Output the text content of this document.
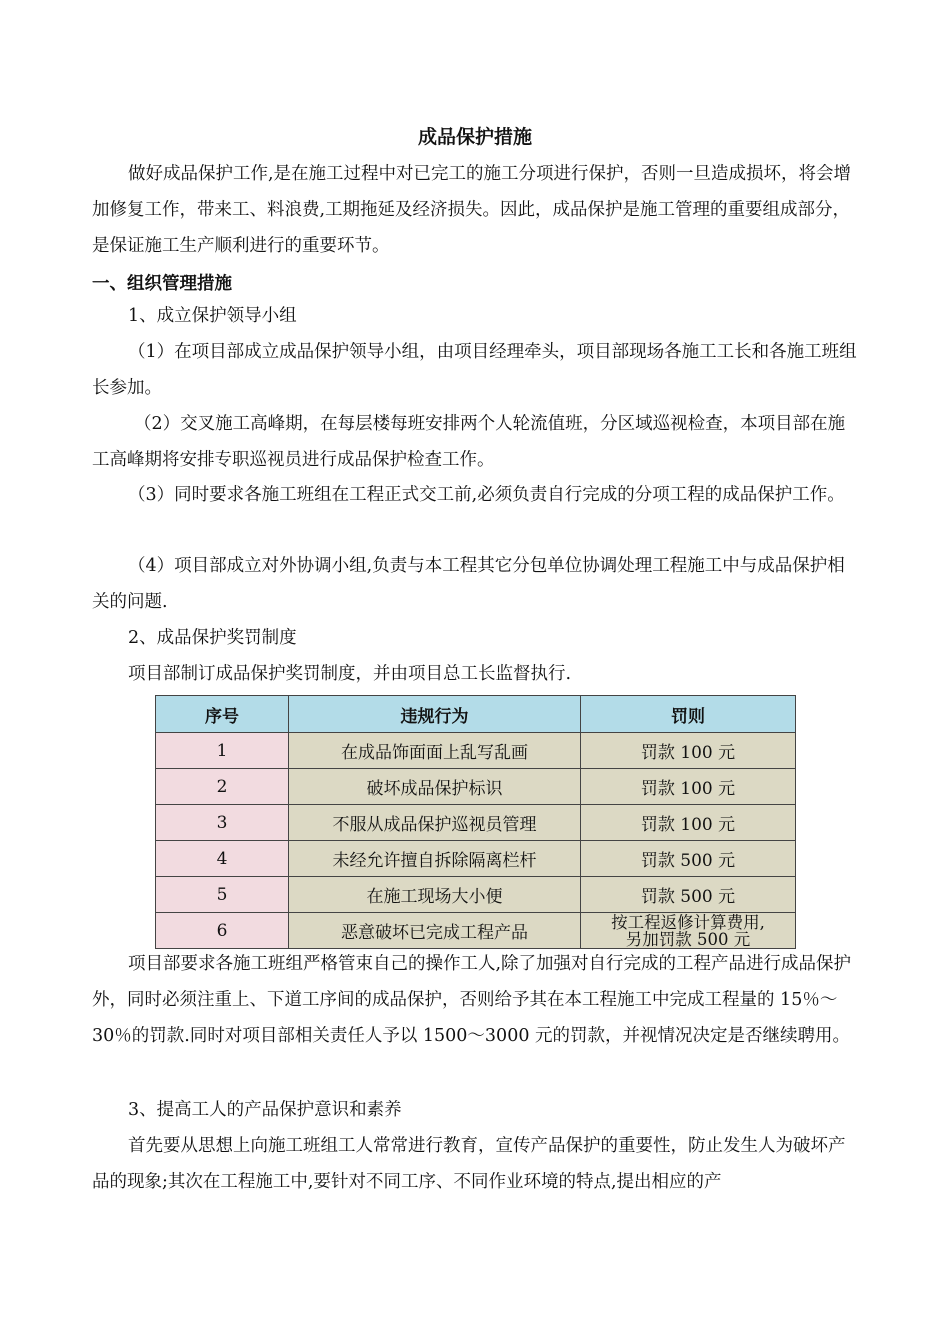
成品保护措施

做好成品保护工作,是在施工过程中对已完工的施工分项进行保护，否则一旦造成损坏，将会增加修复工作，带来工、料浪费,工期拖延及经济损失。因此，成品保护是施工管理的重要组成部分，是保证施工生产顺利进行的重要环节。

一、组织管理措施

1、成立保护领导小组

（1）在项目部成立成品保护领导小组，由项目经理牵头，项目部现场各施工工长和各施工班组长参加。

（2）交叉施工高峰期，在每层楼每班安排两个人轮流值班，分区域巡视检查，本项目部在施工高峰期将安排专职巡视员进行成品保护检查工作。

（3）同时要求各施工班组在工程正式交工前,必须负责自行完成的分项工程的成品保护工作。

（4）项目部成立对外协调小组,负责与本工程其它分包单位协调处理工程施工中与成品保护相关的问题.

2、成品保护奖罚制度

项目部制订成品保护奖罚制度，并由项目总工长监督执行.

序号	违规行为	罚则
1	在成品饰面面上乱写乱画	罚款 100 元
2	破坏成品保护标识	罚款 100 元
3	不服从成品保护巡视员管理	罚款 100 元
4	未经允许擅自拆除隔离栏杆	罚款 500 元
5	在施工现场大小便	罚款 500 元
6	恶意破坏已完成工程产品	按工程返修计算费用,
另加罚款 500 元

项目部要求各施工班组严格管束自己的操作工人,除了加强对自行完成的工程产品进行成品保护外，同时必须注重上、下道工序间的成品保护，否则给予其在本工程施工中完成工程量的 15％～30％的罚款.同时对项目部相关责任人予以 1500～3000 元的罚款，并视情况决定是否继续聘用。

3、提高工人的产品保护意识和素养

首先要从思想上向施工班组工人常常进行教育，宣传产品保护的重要性，防止发生人为破坏产品的现象;其次在工程施工中,要针对不同工序、不同作业环境的特点,提出相应的产
